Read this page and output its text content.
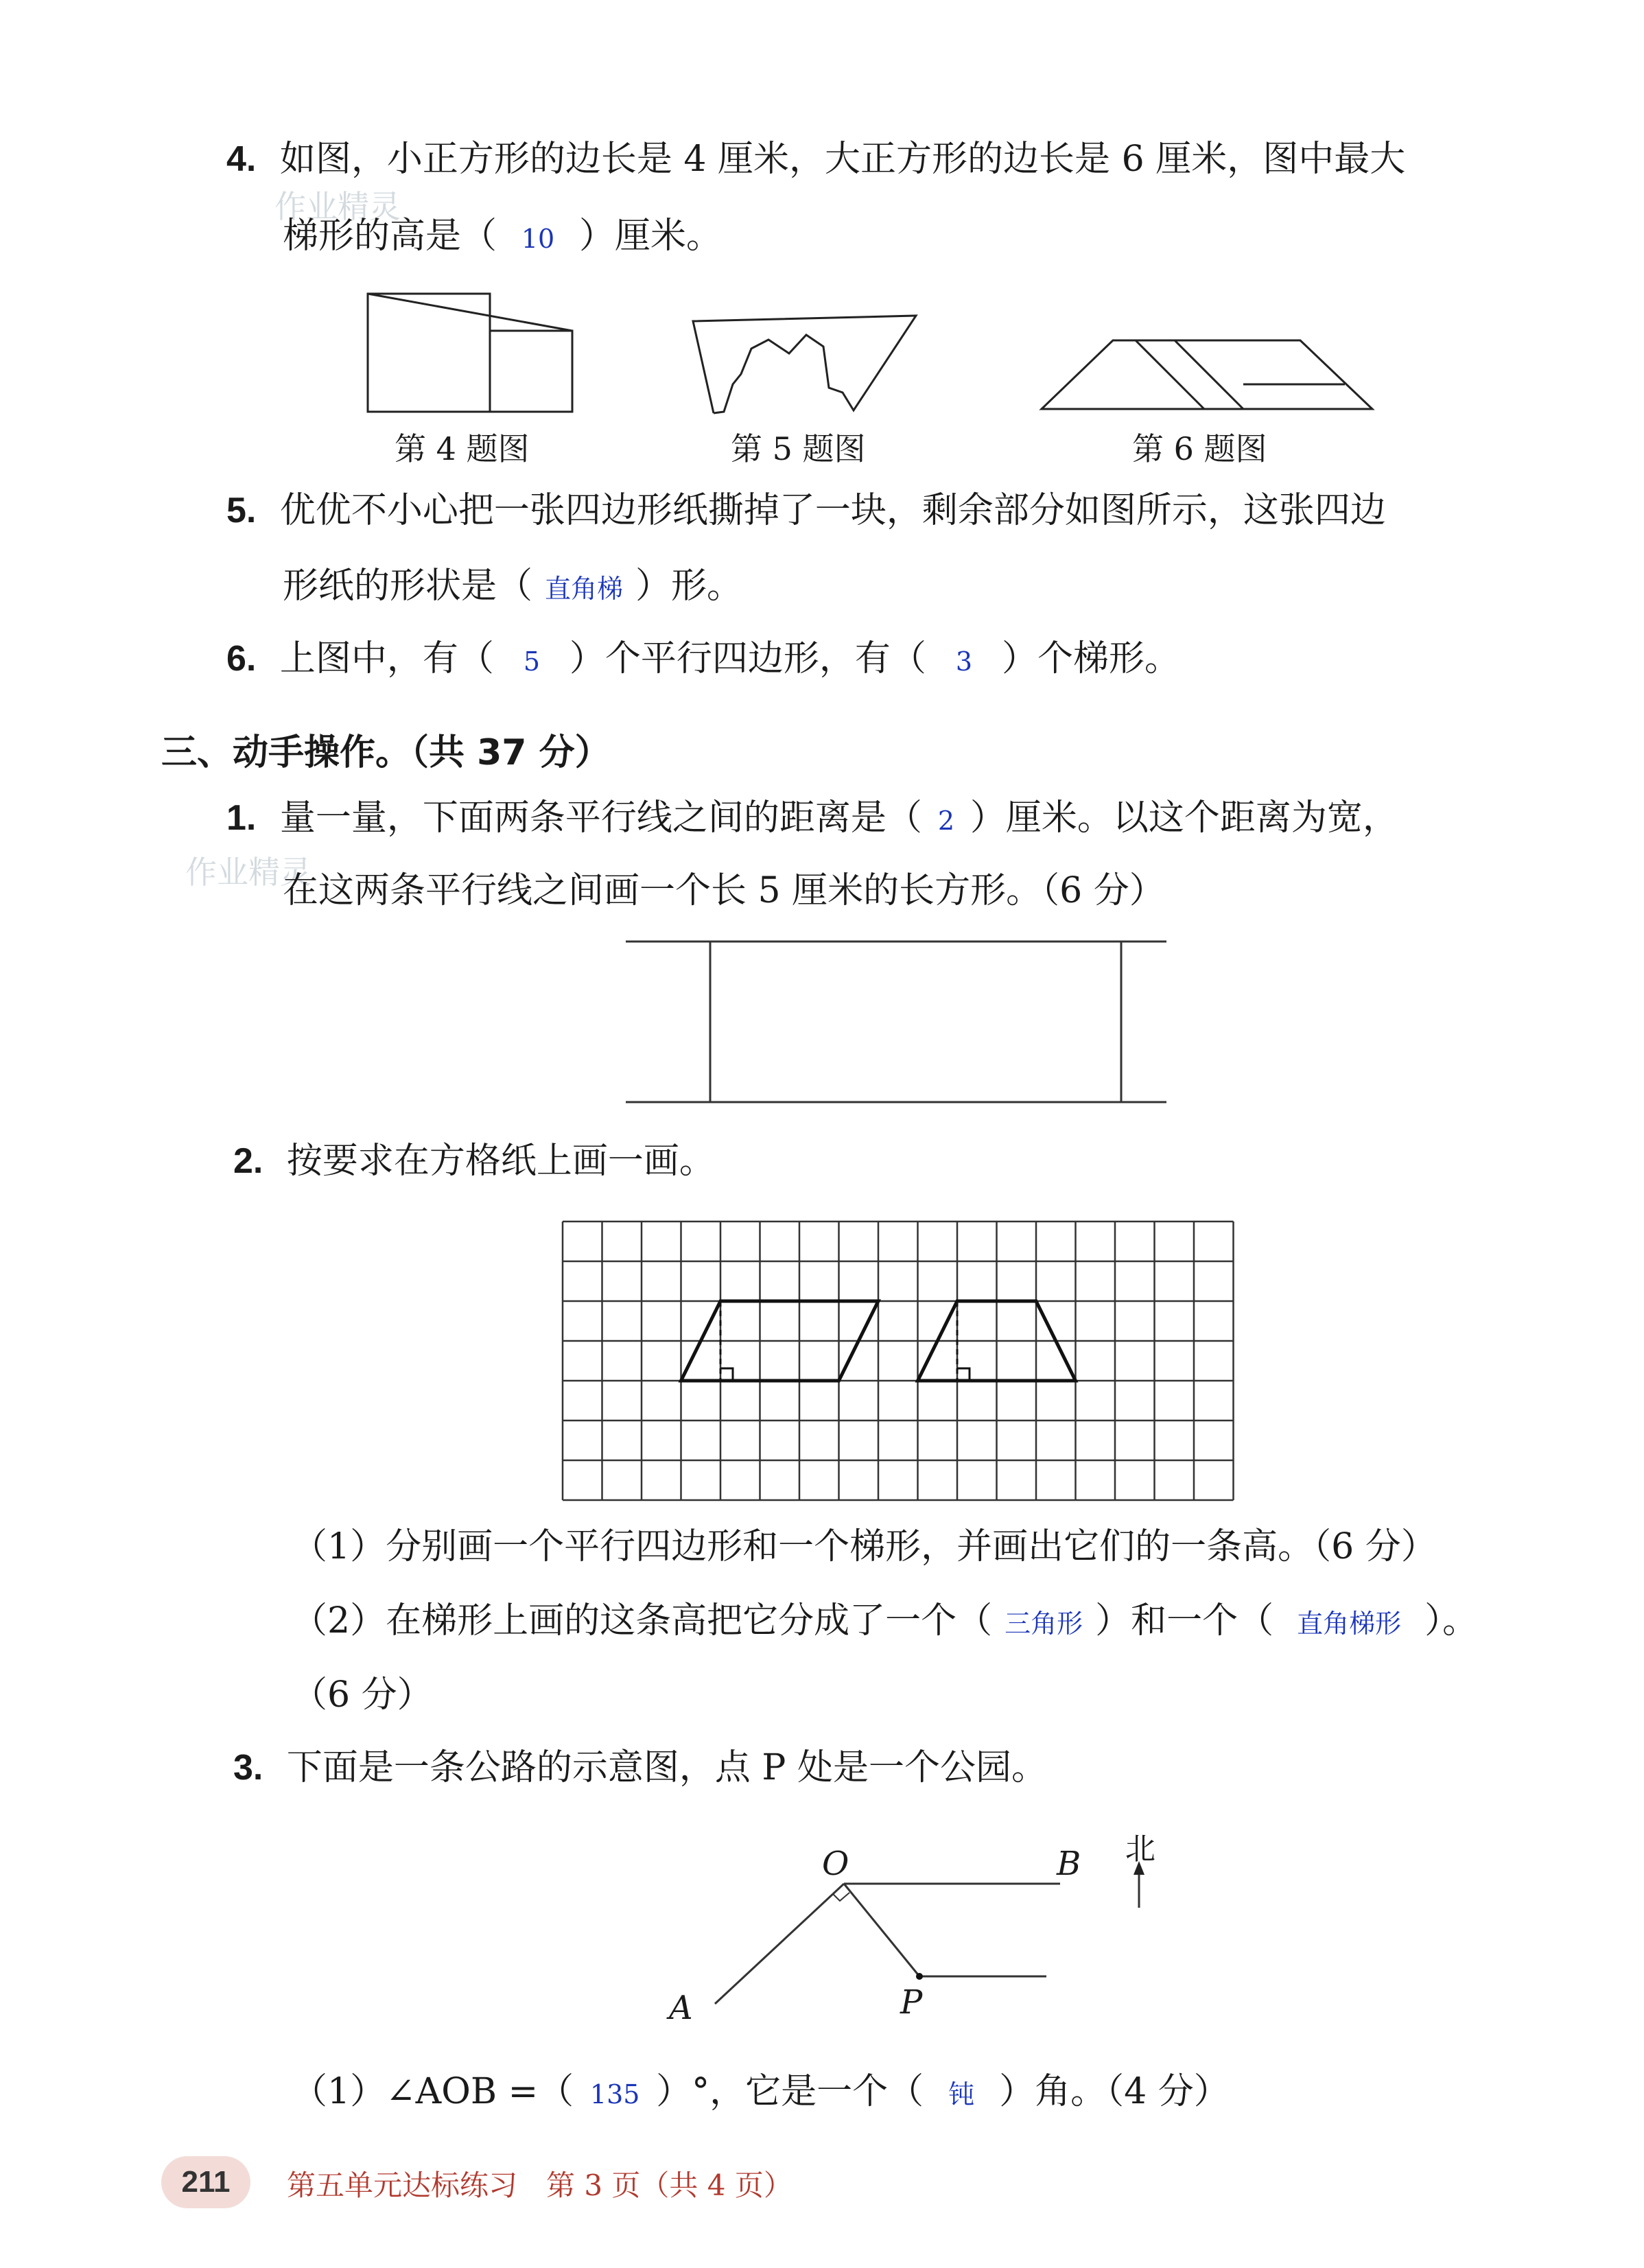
作业精灵
作业精灵
4. 如图，小正方形的边长是 4 厘米，大正方形的边长是 6 厘米，图中最大
梯形的高是（ 10 ）厘米。
第 4 题图	第 5 题图	第 6 题图
5. 优优不小心把一张四边形纸撕掉了一块，剩余部分如图所示，这张四边
形纸的形状是（ 直角梯 ）形。
6. 上图中，有（ 5 ）个平行四边形，有（ 3 ）个梯形。
三、动手操作。（共 37 分）
1. 量一量，下面两条平行线之间的距离是（ 2 ）厘米。以这个距离为宽，
在这两条平行线之间画一个长 5 厘米的长方形。（6 分）
2. 按要求在方格纸上画一画。
（1）分别画一个平行四边形和一个梯形，并画出它们的一条高。（6 分）
（2）在梯形上画的这条高把它分成了一个（ 三角形 ）和一个（ 直角梯形 ）。
（6 分）
3. 下面是一条公路的示意图，点 P 处是一个公园。
O	B
A	P
北
（1）∠AOB =（ 135 ）°，它是一个（ 钝 ）角。（4 分）
211	第五单元达标练习　第 3 页（共 4 页）
